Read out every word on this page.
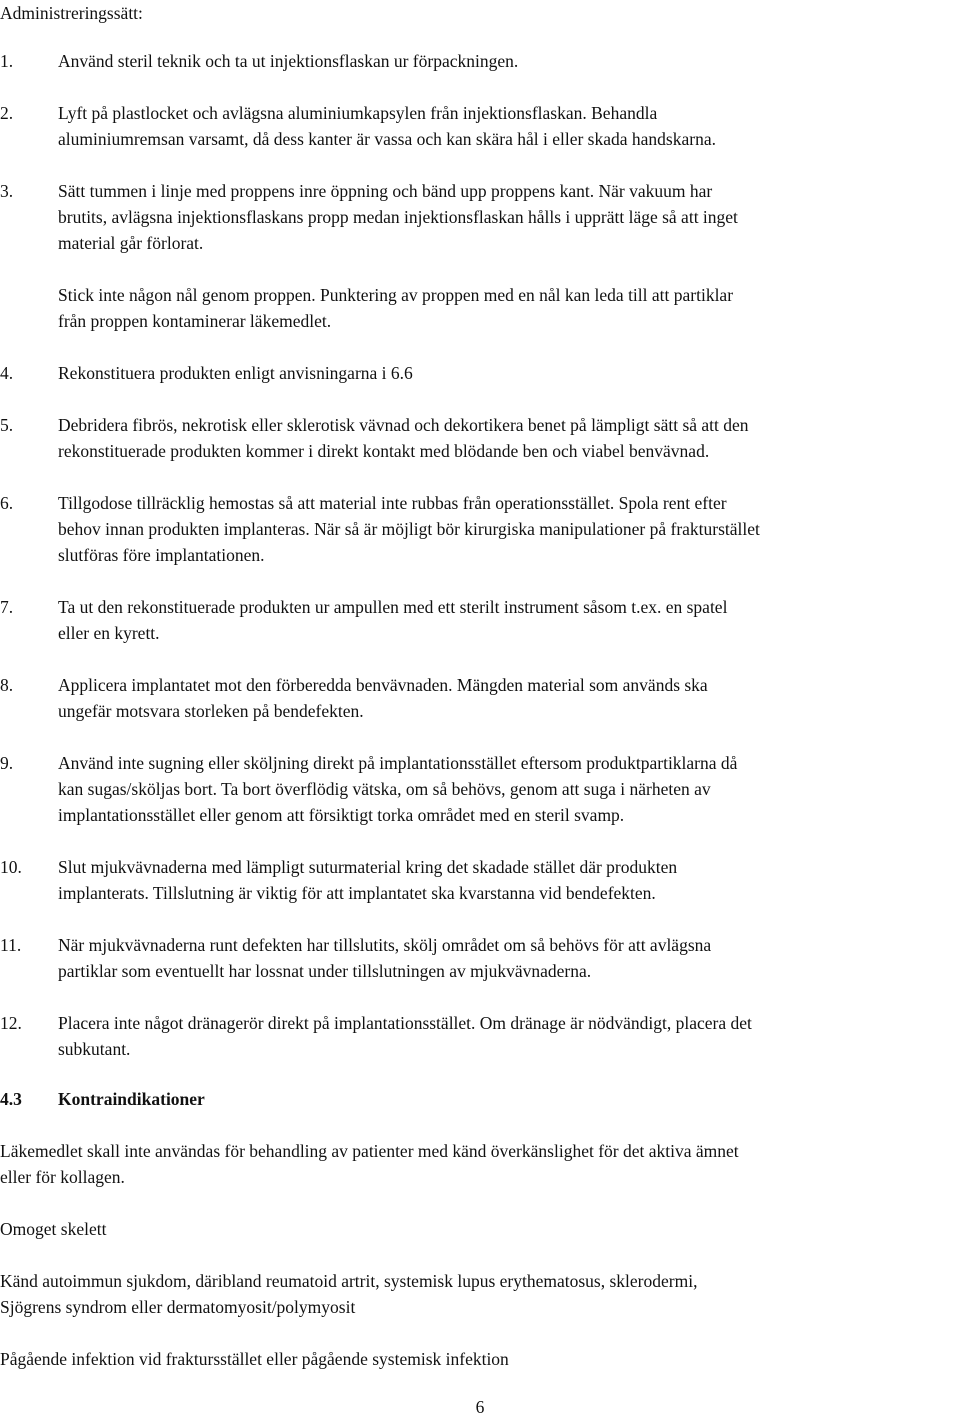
Administreringssätt:
1.	Använd steril teknik och ta ut injektionsflaskan ur förpackningen.
2.	Lyft på plastlocket och avlägsna aluminiumkapsylen från injektionsflaskan. Behandla
aluminiumremsan varsamt, då dess kanter är vassa och kan skära hål i eller skada handskarna.
3.	Sätt tummen i linje med proppens inre öppning och bänd upp proppens kant. När vakuum har
brutits, avlägsna injektionsflaskans propp medan injektionsflaskan hålls i upprätt läge så att inget
material går förlorat.
Stick inte någon nål genom proppen. Punktering av proppen med en nål kan leda till att partiklar
från proppen kontaminerar läkemedlet.
4.	Rekonstituera produkten enligt anvisningarna i 6.6
5.	Debridera fibrös, nekrotisk eller sklerotisk vävnad och dekortikera benet på lämpligt sätt så att den
rekonstituerade produkten kommer i direkt kontakt med blödande ben och viabel benvävnad.
6.	Tillgodose tillräcklig hemostas så att material inte rubbas från operationsstället. Spola rent efter
behov innan produkten implanteras. När så är möjligt bör kirurgiska manipulationer på frakturstället
slutföras före implantationen.
7.	Ta ut den rekonstituerade produkten ur ampullen med ett sterilt instrument såsom t.ex. en spatel
eller en kyrett.
8.	Applicera implantatet mot den förberedda benvävnaden. Mängden material som används ska
ungefär motsvara storleken på bendefekten.
9.	Använd inte sugning eller sköljning direkt på implantationsstället eftersom produktpartiklarna då
kan sugas/sköljas bort. Ta bort överflödig vätska, om så behövs, genom att suga i närheten av
implantationsstället eller genom att försiktigt torka området med en steril svamp.
10. Slut mjukvävnaderna med lämpligt suturmaterial kring det skadade stället där produkten
implanterats. Tillslutning är viktig för att implantatet ska kvarstanna vid bendefekten.
11. När mjukvävnaderna runt defekten har tillslutits, skölj området om så behövs för att avlägsna
partiklar som eventuellt har lossnat under tillslutningen av mjukvävnaderna.
12. Placera inte något dränagerör direkt på implantationsstället. Om dränage är nödvändigt, placera det
subkutant.
4.3 Kontraindikationer
Läkemedlet skall inte användas för behandling av patienter med känd överkänslighet för det aktiva ämnet
eller för kollagen.
Omoget skelett
Känd autoimmun sjukdom, däribland reumatoid artrit, systemisk lupus erythematosus, sklerodermi,
Sjögrens syndrom eller dermatomyosit/polymyosit
Pågående infektion vid fraktursstället eller pågående systemisk infektion
6
